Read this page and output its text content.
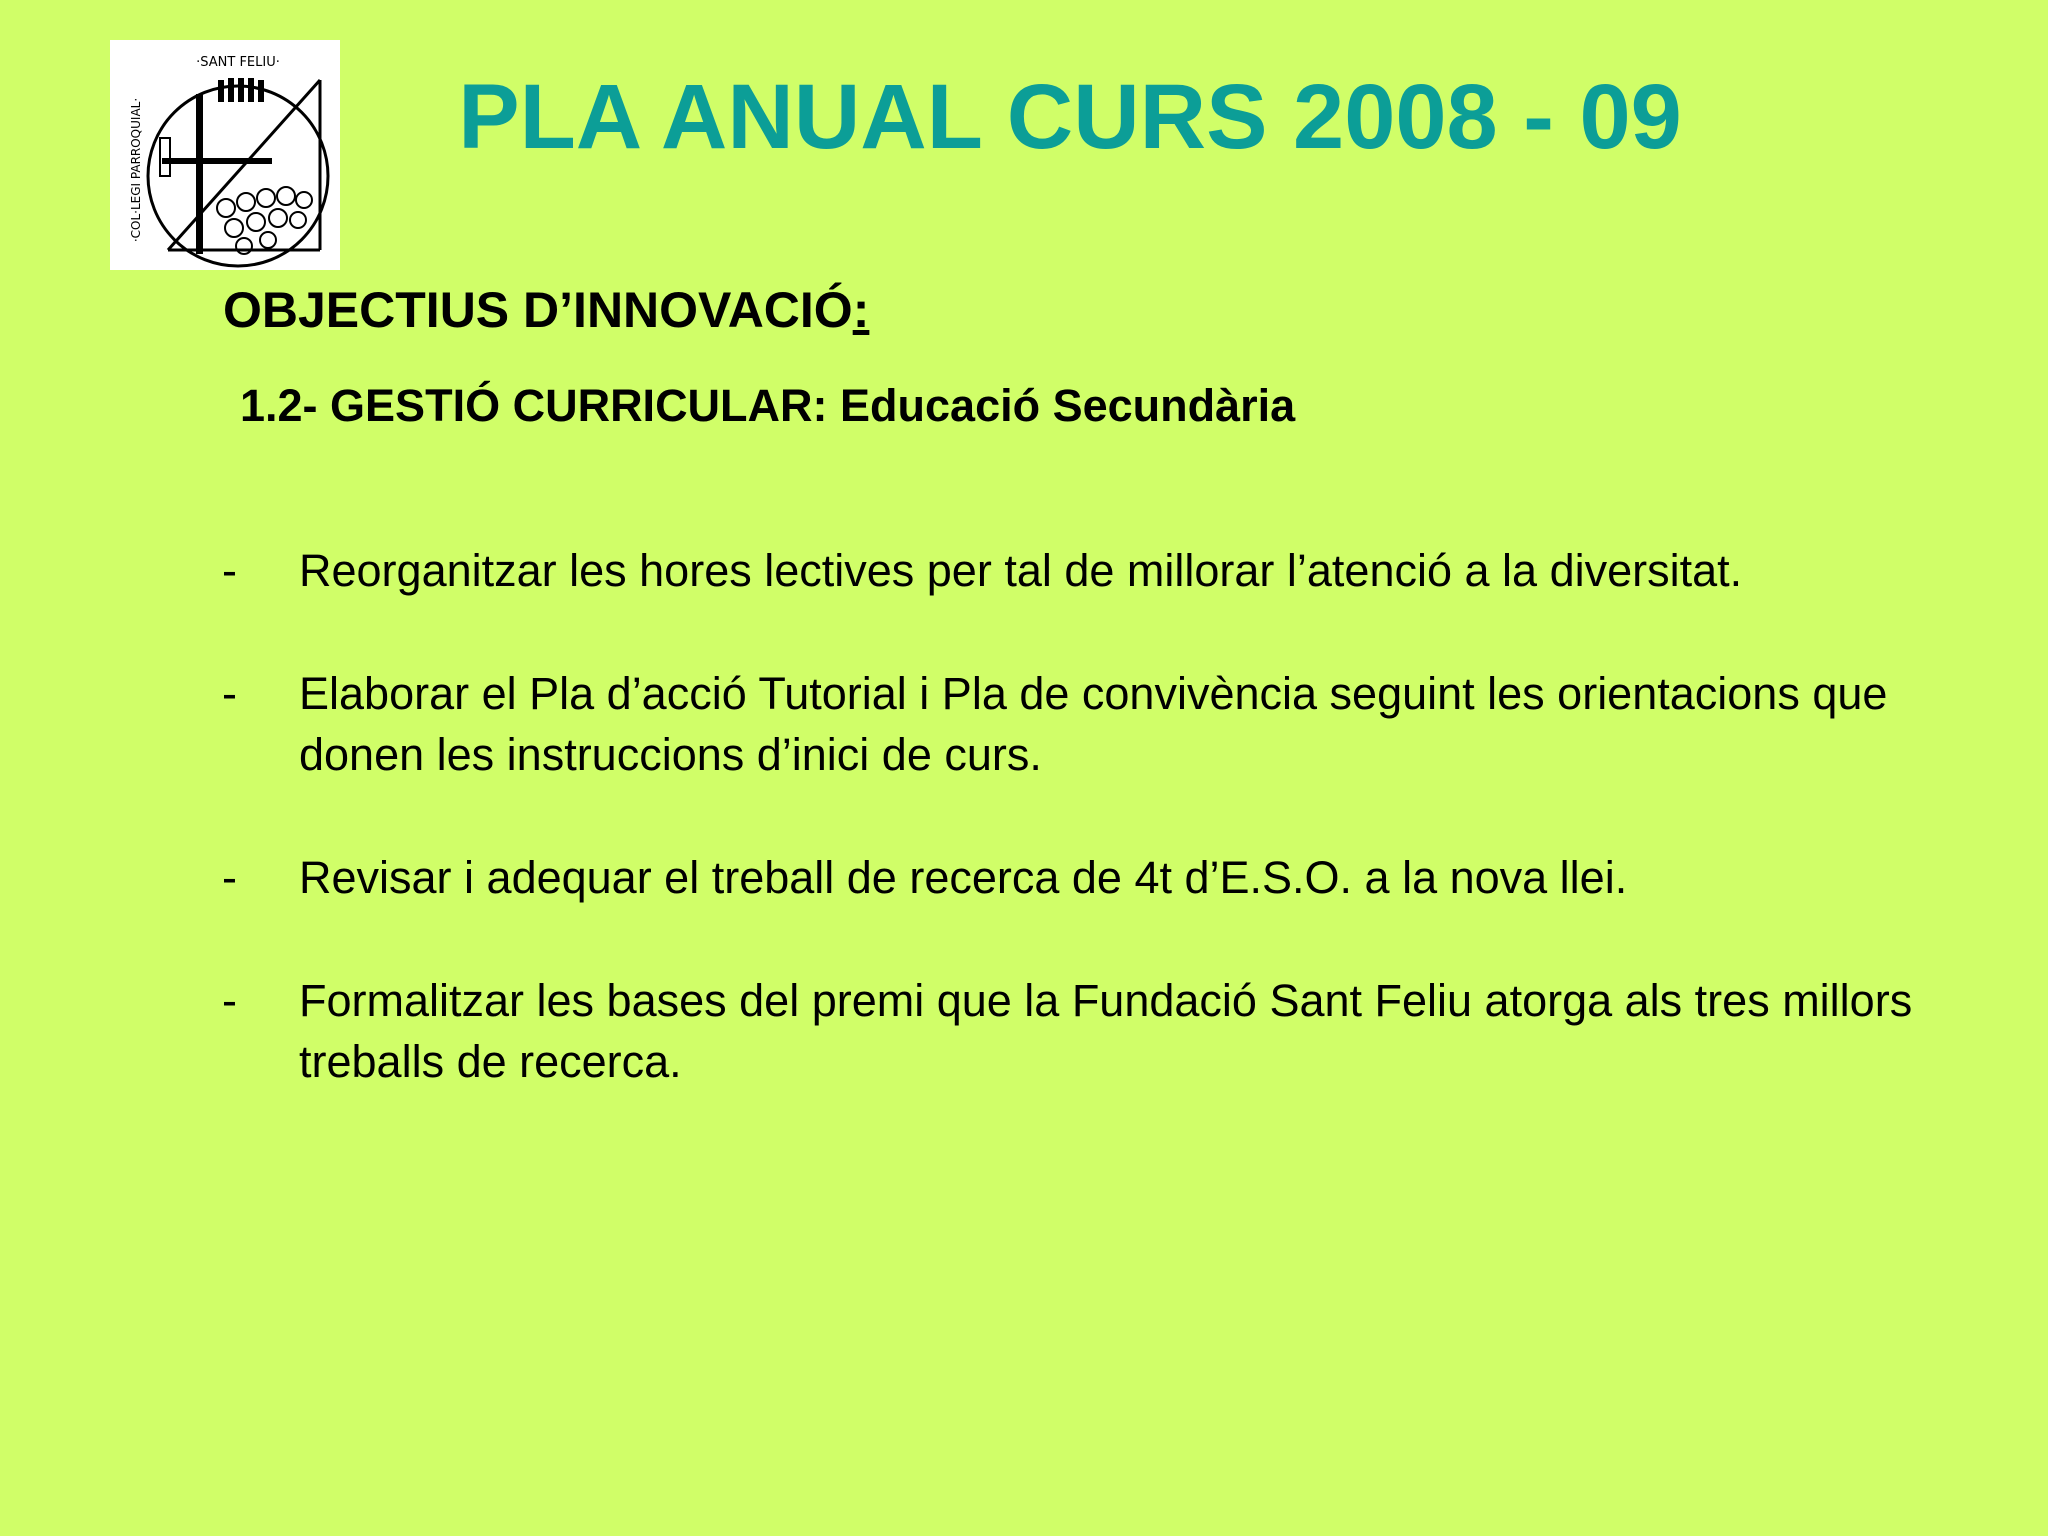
·SANT FELIU·
·COL·LEGI PARROQUIAL·	PLA ANUAL CURS 2008 - 09
OBJECTIUS D’INNOVACIÓ:
1.2- GESTIÓ CURRICULAR: Educació Secundària
- Reorganitzar les hores lectives per tal de millorar l’atenció a la diversitat.
- Elaborar el Pla d’acció Tutorial i Pla de convivència seguint les orientacions que donen les instruccions d’inici de curs.
- Revisar i adequar el treball de recerca de 4t d’E.S.O. a la nova llei.
- Formalitzar les bases del premi que la Fundació Sant Feliu atorga als tres millors treballs de recerca.
